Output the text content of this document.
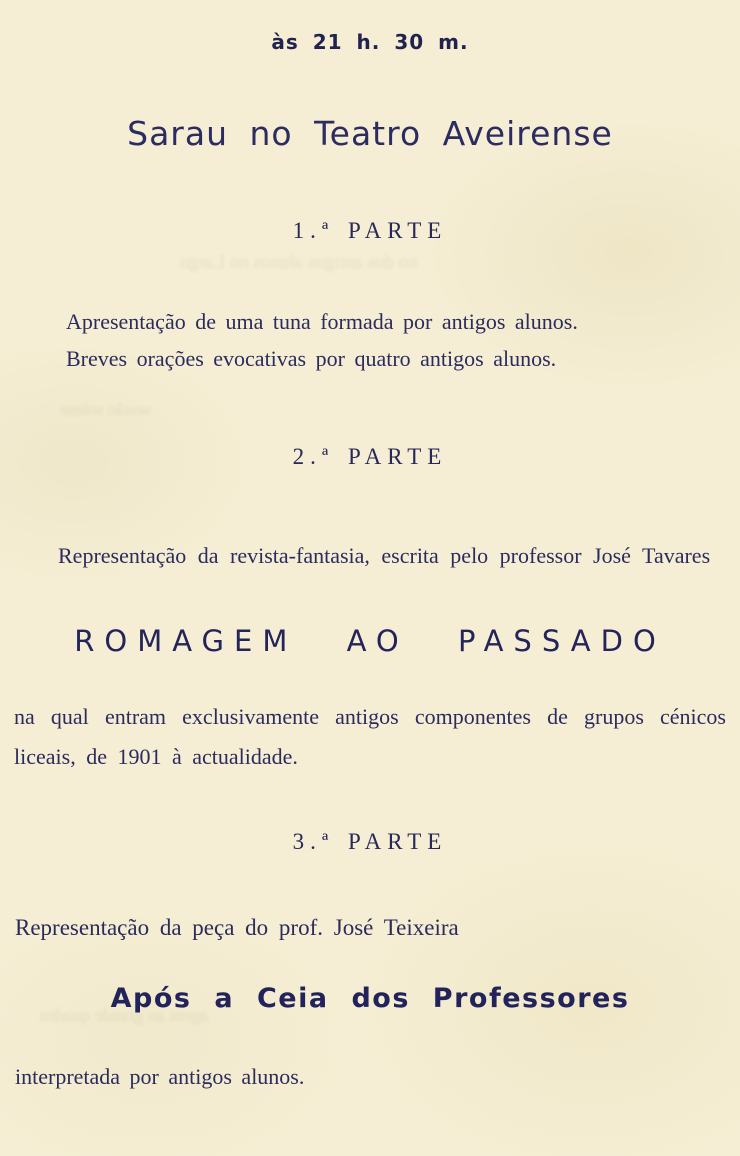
às 21 h. 30 m.
Sarau no Teatro Aveirense
1.ª PARTE
Apresentação de uma tuna formada por antigos alunos.
Breves orações evocativas por quatro antigos alunos.
2.ª PARTE
Representação da revista-fantasia, escrita pelo professor José Tavares
ROMAGEM AO PASSADO
na qual entram exclusivamente antigos componentes de grupos cénicos liceais, de 1901 à actualidade.
3.ª PARTE
Representação da peça do prof. José Teixeira
Após a Ceia dos Professores
interpretada por antigos alunos.
no dos antigos alunos no Largo
sessão solene
agem ao grande quadro
